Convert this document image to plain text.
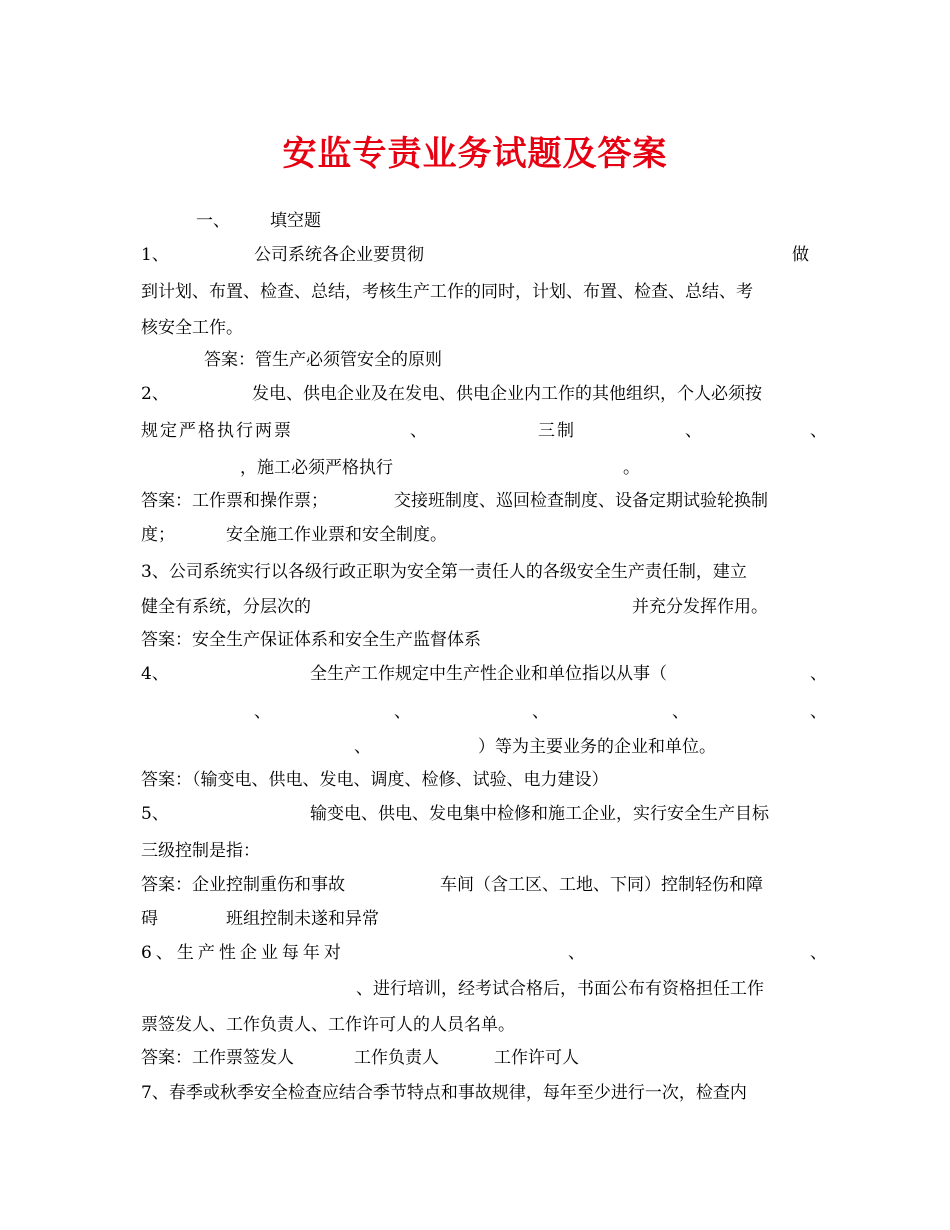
安监专责业务试题及答案
一、 填空题
1、	公司系统各企业要贯彻	做
到计划、布置、检查、总结，考核生产工作的同时，计划、布置、检查、总结、考
核安全工作。
答案：管生产必须管安全的原则
2、	发电、供电企业及在发电、供电企业内工作的其他组织，个人必须按
规定严格执行两票	、	三制	、	、
，施工必须严格执行	。
答案：工作票和操作票；	交接班制度、巡回检查制度、设备定期试验轮换制
度；	安全施工作业票和安全制度。
3、公司系统实行以各级行政正职为安全第一责任人的各级安全生产责任制，建立
健全有系统，分层次的	并充分发挥作用。
答案：安全生产保证体系和安全生产监督体系
4、	全生产工作规定中生产性企业和单位指以从事（	、
、	、	、	、	、
、	）等为主要业务的企业和单位。
答案：（输变电、供电、发电、调度、检修、试验、电力建设）
5、	输变电、供电、发电集中检修和施工企业，实行安全生产目标
三级控制是指：
答案：企业控制重伤和事故	车间（含工区、工地、下同）控制轻伤和障
碍	班组控制未遂和异常
6、生产性企业每年对	、	、
、进行培训，经考试合格后，书面公布有资格担任工作
票签发人、工作负责人、工作许可人的人员名单。
答案：工作票签发人	工作负责人	工作许可人
7、春季或秋季安全检查应结合季节特点和事故规律，每年至少进行一次，检查内
